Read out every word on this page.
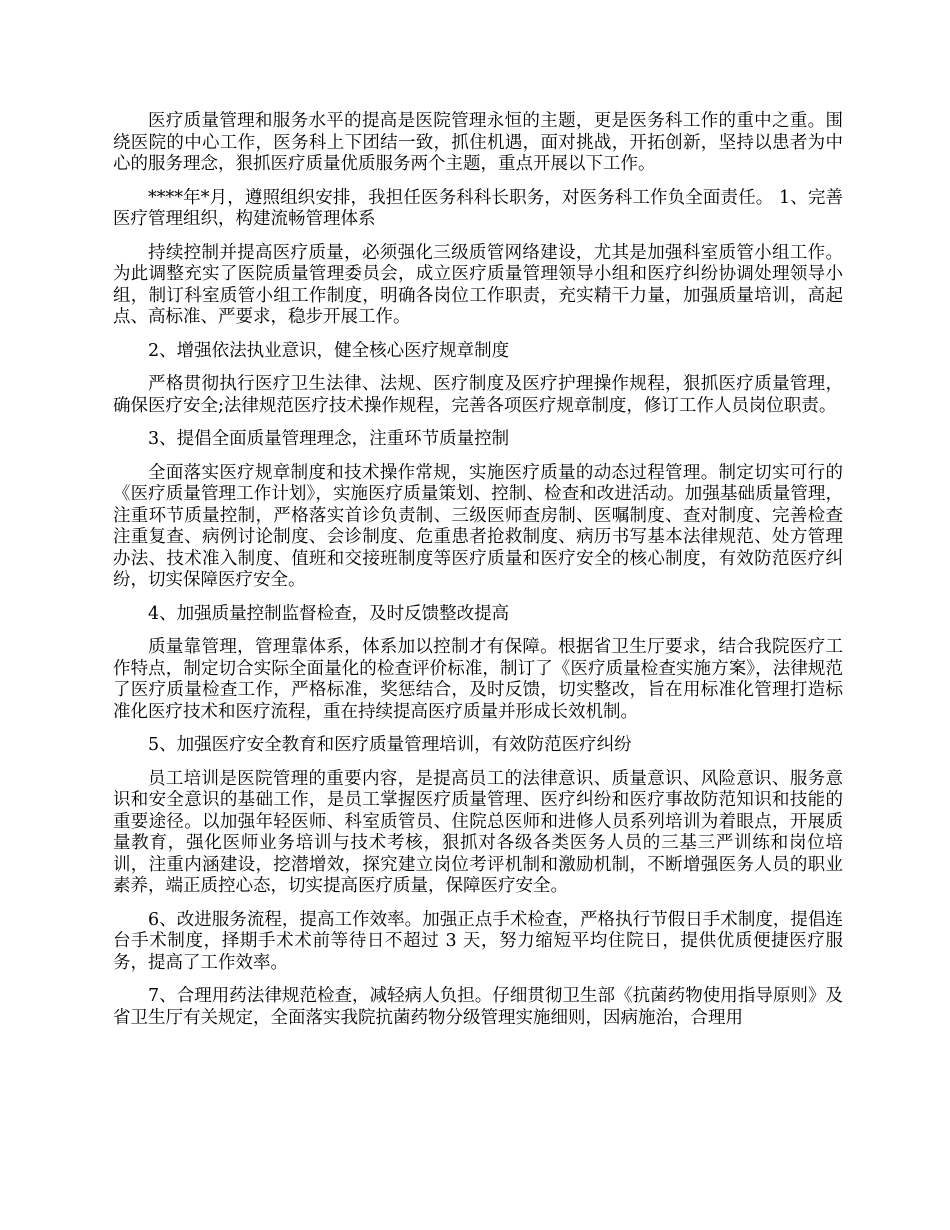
医疗质量管理和服务水平的提高是医院管理永恒的主题，更是医务科工作的重中之重。围绕医院的中心工作，医务科上下团结一致，抓住机遇，面对挑战，开拓创新，坚持以患者为中心的服务理念，狠抓医疗质量优质服务两个主题，重点开展以下工作。

****年*月，遵照组织安排，我担任医务科科长职务，对医务科工作负全面责任。 1、完善医疗管理组织，构建流畅管理体系

持续控制并提高医疗质量，必须强化三级质管网络建设，尤其是加强科室质管小组工作。为此调整充实了医院质量管理委员会，成立医疗质量管理领导小组和医疗纠纷协调处理领导小组，制订科室质管小组工作制度，明确各岗位工作职责，充实精干力量，加强质量培训，高起点、高标准、严要求，稳步开展工作。

2、增强依法执业意识，健全核心医疗规章制度

严格贯彻执行医疗卫生法律、法规、医疗制度及医疗护理操作规程，狠抓医疗质量管理，确保医疗安全;法律规范医疗技术操作规程，完善各项医疗规章制度，修订工作人员岗位职责。

3、提倡全面质量管理理念，注重环节质量控制

全面落实医疗规章制度和技术操作常规，实施医疗质量的动态过程管理。制定切实可行的《医疗质量管理工作计划》，实施医疗质量策划、控制、检查和改进活动。加强基础质量管理，注重环节质量控制，严格落实首诊负责制、三级医师查房制、医嘱制度、查对制度、完善检查注重复查、病例讨论制度、会诊制度、危重患者抢救制度、病历书写基本法律规范、处方管理办法、技术准入制度、值班和交接班制度等医疗质量和医疗安全的核心制度，有效防范医疗纠纷，切实保障医疗安全。

4、加强质量控制监督检查，及时反馈整改提高

质量靠管理，管理靠体系，体系加以控制才有保障。根据省卫生厅要求，结合我院医疗工作特点，制定切合实际全面量化的检查评价标准，制订了《医疗质量检查实施方案》，法律规范了医疗质量检查工作，严格标准，奖惩结合，及时反馈，切实整改，旨在用标准化管理打造标准化医疗技术和医疗流程，重在持续提高医疗质量并形成长效机制。

5、加强医疗安全教育和医疗质量管理培训，有效防范医疗纠纷

员工培训是医院管理的重要内容，是提高员工的法律意识、质量意识、风险意识、服务意识和安全意识的基础工作，是员工掌握医疗质量管理、医疗纠纷和医疗事故防范知识和技能的重要途径。以加强年轻医师、科室质管员、住院总医师和进修人员系列培训为着眼点，开展质量教育，强化医师业务培训与技术考核，狠抓对各级各类医务人员的三基三严训练和岗位培训，注重内涵建设，挖潜增效，探究建立岗位考评机制和激励机制，不断增强医务人员的职业素养，端正质控心态，切实提高医疗质量，保障医疗安全。

6、改进服务流程，提高工作效率。加强正点手术检查，严格执行节假日手术制度，提倡连台手术制度，择期手术术前等待日不超过 3 天，努力缩短平均住院日，提供优质便捷医疗服务，提高了工作效率。

7、合理用药法律规范检查，减轻病人负担。仔细贯彻卫生部《抗菌药物使用指导原则》及省卫生厅有关规定，全面落实我院抗菌药物分级管理实施细则，因病施治，合理用
